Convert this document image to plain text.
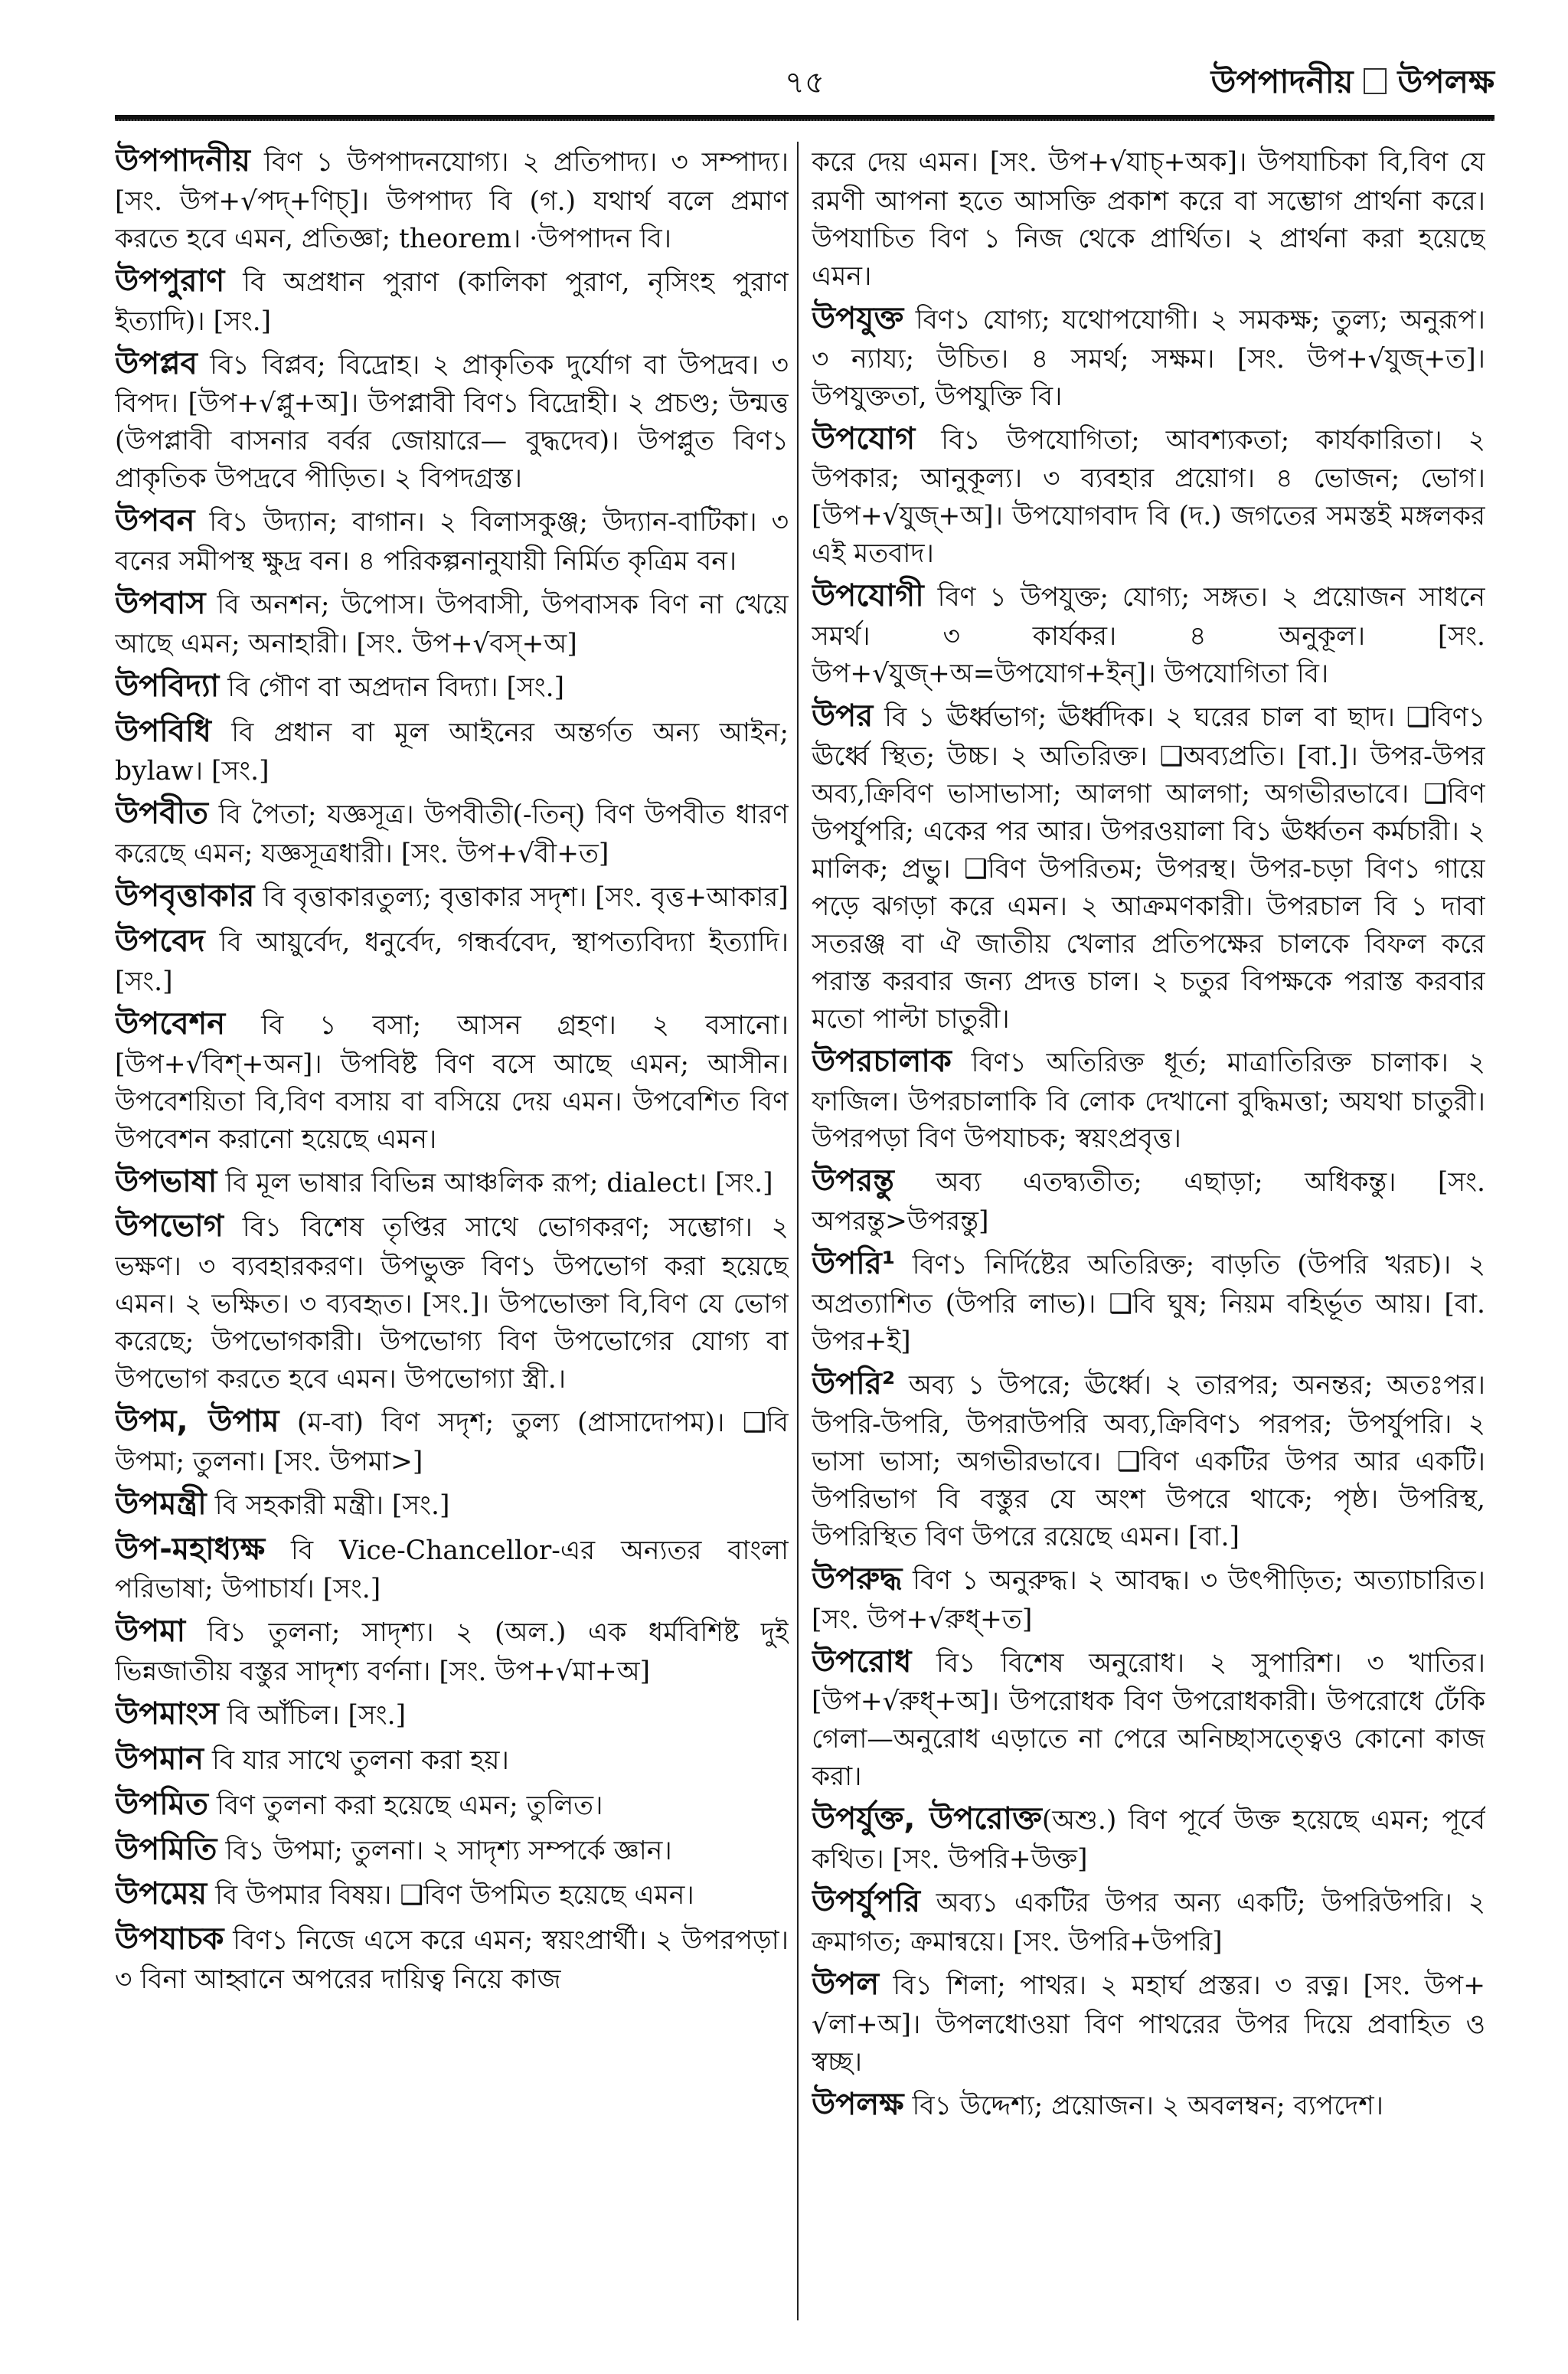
৭৫	উপপাদনীয় উপলক্ষ

উপপাদনীয় বিণ ১ উপপাদনযোগ্য। ২ প্রতিপাদ্য। ৩ সম্পাদ্য। [সং. উপ+√পদ্+ণিচ্]। উপপাদ্য বি (গ.) যথার্থ বলে প্রমাণ করতে হবে এমন, প্রতিজ্ঞা; theorem। ·উপপাদন বি।

উপপুরাণ বি অপ্রধান পুরাণ (কালিকা পুরাণ, নৃসিংহ পুরাণ ইত্যাদি)। [সং.]

উপপ্লব বি১ বিপ্লব; বিদ্রোহ। ২ প্রাকৃতিক দুর্যোগ বা উপদ্রব। ৩ বিপদ। [উপ+√প্লু+অ]। উপপ্লাবী বিণ১ বিদ্রোহী। ২ প্রচণ্ড; উন্মত্ত (উপপ্লাবী বাসনার বর্বর জোয়ারে— বুদ্ধদেব)। উপপ্লুত বিণ১ প্রাকৃতিক উপদ্রবে পীড়িত। ২ বিপদগ্রস্ত।

উপবন বি১ উদ্যান; বাগান। ২ বিলাসকুঞ্জ; উদ্যান-বাটিকা। ৩ বনের সমীপস্থ ক্ষুদ্র বন। ৪ পরিকল্পনানুযায়ী নির্মিত কৃত্রিম বন।

উপবাস বি অনশন; উপোস। উপবাসী, উপবাসক বিণ না খেয়ে আছে এমন; অনাহারী। [সং. উপ+√বস্+অ]

উপবিদ্যা বি গৌণ বা অপ্রদান বিদ্যা। [সং.]

উপবিধি বি প্রধান বা মূল আইনের অন্তর্গত অন্য আইন; bylaw। [সং.]

উপবীত বি পৈতা; যজ্ঞসূত্র। উপবীতী(-তিন্) বিণ উপবীত ধারণ করেছে এমন; যজ্ঞসূত্রধারী। [সং. উপ+√বী+ত]

উপবৃত্তাকার বি বৃত্তাকারতুল্য; বৃত্তাকার সদৃশ। [সং. বৃত্ত+আকার]

উপবেদ বি আয়ুর্বেদ, ধনুর্বেদ, গন্ধর্ববেদ, স্থাপত্যবিদ্যা ইত্যাদি। [সং.]

উপবেশন বি ১ বসা; আসন গ্রহণ। ২ বসানো। [উপ+√বিশ্+অন]। উপবিষ্ট বিণ বসে আছে এমন; আসীন। উপবেশয়িতা বি,বিণ বসায় বা বসিয়ে দেয় এমন। উপবেশিত বিণ উপবেশন করানো হয়েছে এমন।

উপভাষা বি মূল ভাষার বিভিন্ন আঞ্চলিক রূপ; dialect। [সং.]

উপভোগ বি১ বিশেষ তৃপ্তির সাথে ভোগকরণ; সম্ভোগ। ২ ভক্ষণ। ৩ ব্যবহারকরণ। উপভুক্ত বিণ১ উপভোগ করা হয়েছে এমন। ২ ভক্ষিত। ৩ ব্যবহৃত। [সং.]। উপভোক্তা বি,বিণ যে ভোগ করেছে; উপভোগকারী। উপভোগ্য বিণ উপভোগের যোগ্য বা উপভোগ করতে হবে এমন। উপভোগ্যা স্ত্রী.।

উপম, উপাম (ম-বা) বিণ সদৃশ; তুল্য (প্রাসাদোপম)। ❑বি উপমা; তুলনা। [সং. উপমা>]

উপমন্ত্রী বি সহকারী মন্ত্রী। [সং.]

উপ-মহাধ্যক্ষ বি Vice-Chancellor-এর অন্যতর বাংলা পরিভাষা; উপাচার্য। [সং.]

উপমা বি১ তুলনা; সাদৃশ্য। ২ (অল.) এক ধর্মবিশিষ্ট দুই ভিন্নজাতীয় বস্তুর সাদৃশ্য বর্ণনা। [সং. উপ+√মা+অ]

উপমাংস বি আঁচিল। [সং.]

উপমান বি যার সাথে তুলনা করা হয়।

উপমিত বিণ তুলনা করা হয়েছে এমন; তুলিত।

উপমিতি বি১ উপমা; তুলনা। ২ সাদৃশ্য সম্পর্কে জ্ঞান।

উপমেয় বি উপমার বিষয়। ❑বিণ উপমিত হয়েছে এমন।

উপযাচক বিণ১ নিজে এসে করে এমন; স্বয়ংপ্রার্থী। ২ উপরপড়া। ৩ বিনা আহ্বানে অপরের দায়িত্ব নিয়ে কাজ

করে দেয় এমন। [সং. উপ+√যাচ্+অক]। উপযাচিকা বি,বিণ যে রমণী আপনা হতে আসক্তি প্রকাশ করে বা সম্ভোগ প্রার্থনা করে। উপযাচিত বিণ ১ নিজ থেকে প্রার্থিত। ২ প্রার্থনা করা হয়েছে এমন।

উপযুক্ত বিণ১ যোগ্য; যথোপযোগী। ২ সমকক্ষ; তুল্য; অনুরূপ। ৩ ন্যায্য; উচিত। ৪ সমর্থ; সক্ষম। [সং. উপ+√যুজ্+ত]। উপযুক্ততা, উপযুক্তি বি।

উপযোগ বি১ উপযোগিতা; আবশ্যকতা; কার্যকারিতা। ২ উপকার; আনুকূল্য। ৩ ব্যবহার প্রয়োগ। ৪ ভোজন; ভোগ। [উপ+√যুজ্+অ]। উপযোগবাদ বি (দ.) জগতের সমস্তই মঙ্গলকর এই মতবাদ।

উপযোগী বিণ ১ উপযুক্ত; যোগ্য; সঙ্গত। ২ প্রয়োজন সাধনে সমর্থ। ৩ কার্যকর। ৪ অনুকূল। [সং. উপ+√যুজ্+অ=উপযোগ+ইন্]। উপযোগিতা বি।

উপর বি ১ ঊর্ধ্বভাগ; ঊর্ধ্বদিক। ২ ঘরের চাল বা ছাদ। ❑বিণ১ ঊর্ধ্বে স্থিত; উচ্চ। ২ অতিরিক্ত। ❑অব্যপ্রতি। [বা.]। উপর-উপর অব্য,ক্রিবিণ ভাসাভাসা; আলগা আলগা; অগভীরভাবে। ❑বিণ উপর্যুপরি; একের পর আর। উপরওয়ালা বি১ ঊর্ধ্বতন কর্মচারী। ২ মালিক; প্রভু। ❑বিণ উপরিতম; উপরস্থ। উপর-চড়া বিণ১ গায়ে পড়ে ঝগড়া করে এমন। ২ আক্রমণকারী। উপরচাল বি ১ দাবা সতরঞ্জ বা ঐ জাতীয় খেলার প্রতিপক্ষের চালকে বিফল করে পরাস্ত করবার জন্য প্রদত্ত চাল। ২ চতুর বিপক্ষকে পরাস্ত করবার মতো পাল্টা চাতুরী।

উপরচালাক বিণ১ অতিরিক্ত ধূর্ত; মাত্রাতিরিক্ত চালাক। ২ ফাজিল। উপরচালাকি বি লোক দেখানো বুদ্ধিমত্তা; অযথা চাতুরী। উপরপড়া বিণ উপযাচক; স্বয়ংপ্রবৃত্ত।

উপরন্তু অব্য এতদ্ব্যতীত; এছাড়া; অধিকন্তু। [সং. অপরন্তু>উপরন্তু]

উপরি¹ বিণ১ নির্দিষ্টের অতিরিক্ত; বাড়তি (উপরি খরচ)। ২ অপ্রত্যাশিত (উপরি লাভ)। ❑বি ঘুষ; নিয়ম বহির্ভূত আয়। [বা. উপর+ই]

উপরি² অব্য ১ উপরে; ঊর্ধ্বে। ২ তারপর; অনন্তর; অতঃপর। উপরি-উপরি, উপরাউপরি অব্য,ক্রিবিণ১ পরপর; উপর্যুপরি। ২ ভাসা ভাসা; অগভীরভাবে। ❑বিণ একটির উপর আর একটি। উপরিভাগ বি বস্তুর যে অংশ উপরে থাকে; পৃষ্ঠ। উপরিস্থ, উপরিস্থিত বিণ উপরে রয়েছে এমন। [বা.]

উপরুদ্ধ বিণ ১ অনুরুদ্ধ। ২ আবদ্ধ। ৩ উৎপীড়িত; অত্যাচারিত। [সং. উপ+√রুধ্+ত]

উপরোধ বি১ বিশেষ অনুরোধ। ২ সুপারিশ। ৩ খাতির। [উপ+√রুধ্+অ]। উপরোধক বিণ উপরোধকারী। উপরোধে ঢেঁকি গেলা—অনুরোধ এড়াতে না পেরে অনিচ্ছাসত্ত্বেও কোনো কাজ করা।

উপর্যুক্ত, উপরোক্ত(অশু.) বিণ পূর্বে উক্ত হয়েছে এমন; পূর্বে কথিত। [সং. উপরি+উক্ত]

উপর্যুপরি অব্য১ একটির উপর অন্য একটি; উপরিউপরি। ২ ক্রমাগত; ক্রমান্বয়ে। [সং. উপরি+উপরি]

উপল বি১ শিলা; পাথর। ২ মহার্ঘ প্রস্তর। ৩ রত্ন। [সং. উপ+ √লা+অ]। উপলধোওয়া বিণ পাথরের উপর দিয়ে প্রবাহিত ও স্বচ্ছ।

উপলক্ষ বি১ উদ্দেশ্য; প্রয়োজন। ২ অবলম্বন; ব্যপদেশ।
